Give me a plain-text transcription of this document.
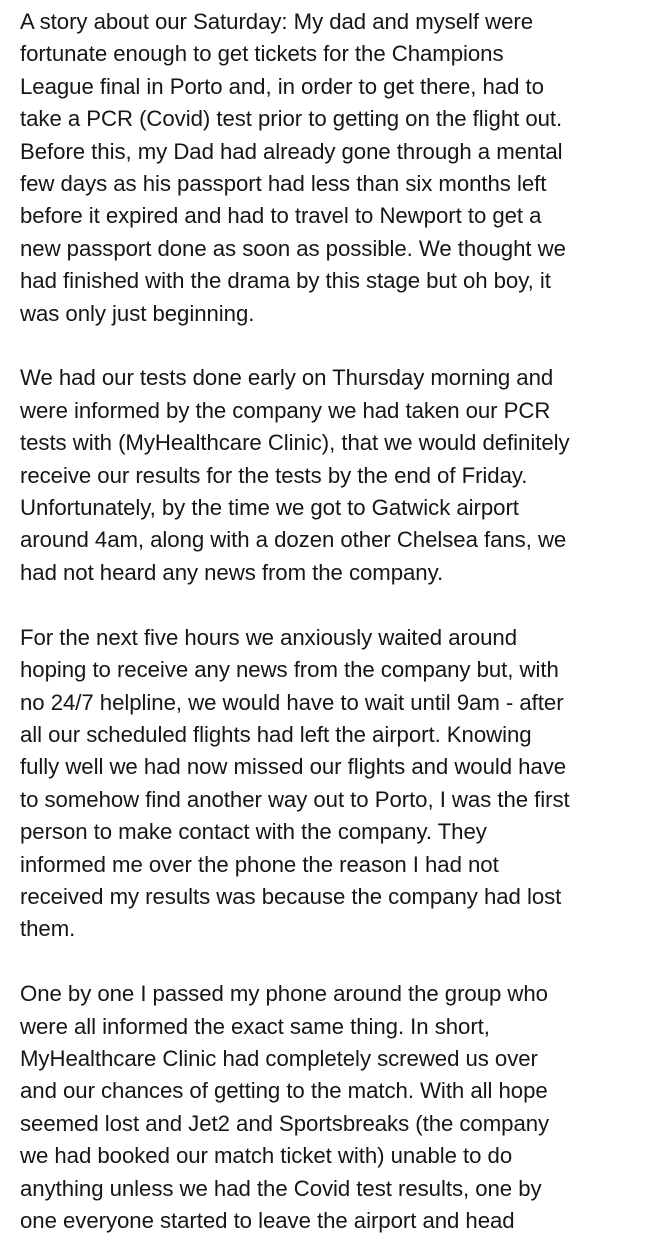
A story about our Saturday: My dad and myself were
fortunate enough to get tickets for the Champions
League final in Porto and, in order to get there, had to
take a PCR (Covid) test prior to getting on the flight out.
Before this, my Dad had already gone through a mental
few days as his passport had less than six months left
before it expired and had to travel to Newport to get a
new passport done as soon as possible. We thought we
had finished with the drama by this stage but oh boy, it
was only just beginning.

We had our tests done early on Thursday morning and
were informed by the company we had taken our PCR
tests with (MyHealthcare Clinic), that we would definitely
receive our results for the tests by the end of Friday.
Unfortunately, by the time we got to Gatwick airport
around 4am, along with a dozen other Chelsea fans, we
had not heard any news from the company.

For the next five hours we anxiously waited around
hoping to receive any news from the company but, with
no 24/7 helpline, we would have to wait until 9am - after
all our scheduled flights had left the airport. Knowing
fully well we had now missed our flights and would have
to somehow find another way out to Porto, I was the first
person to make contact with the company. They
informed me over the phone the reason I had not
received my results was because the company had lost
them.

One by one I passed my phone around the group who
were all informed the exact same thing. In short,
MyHealthcare Clinic had completely screwed us over
and our chances of getting to the match. With all hope
seemed lost and Jet2 and Sportsbreaks (the company
we had booked our match ticket with) unable to do
anything unless we had the Covid test results, one by
one everyone started to leave the airport and head
